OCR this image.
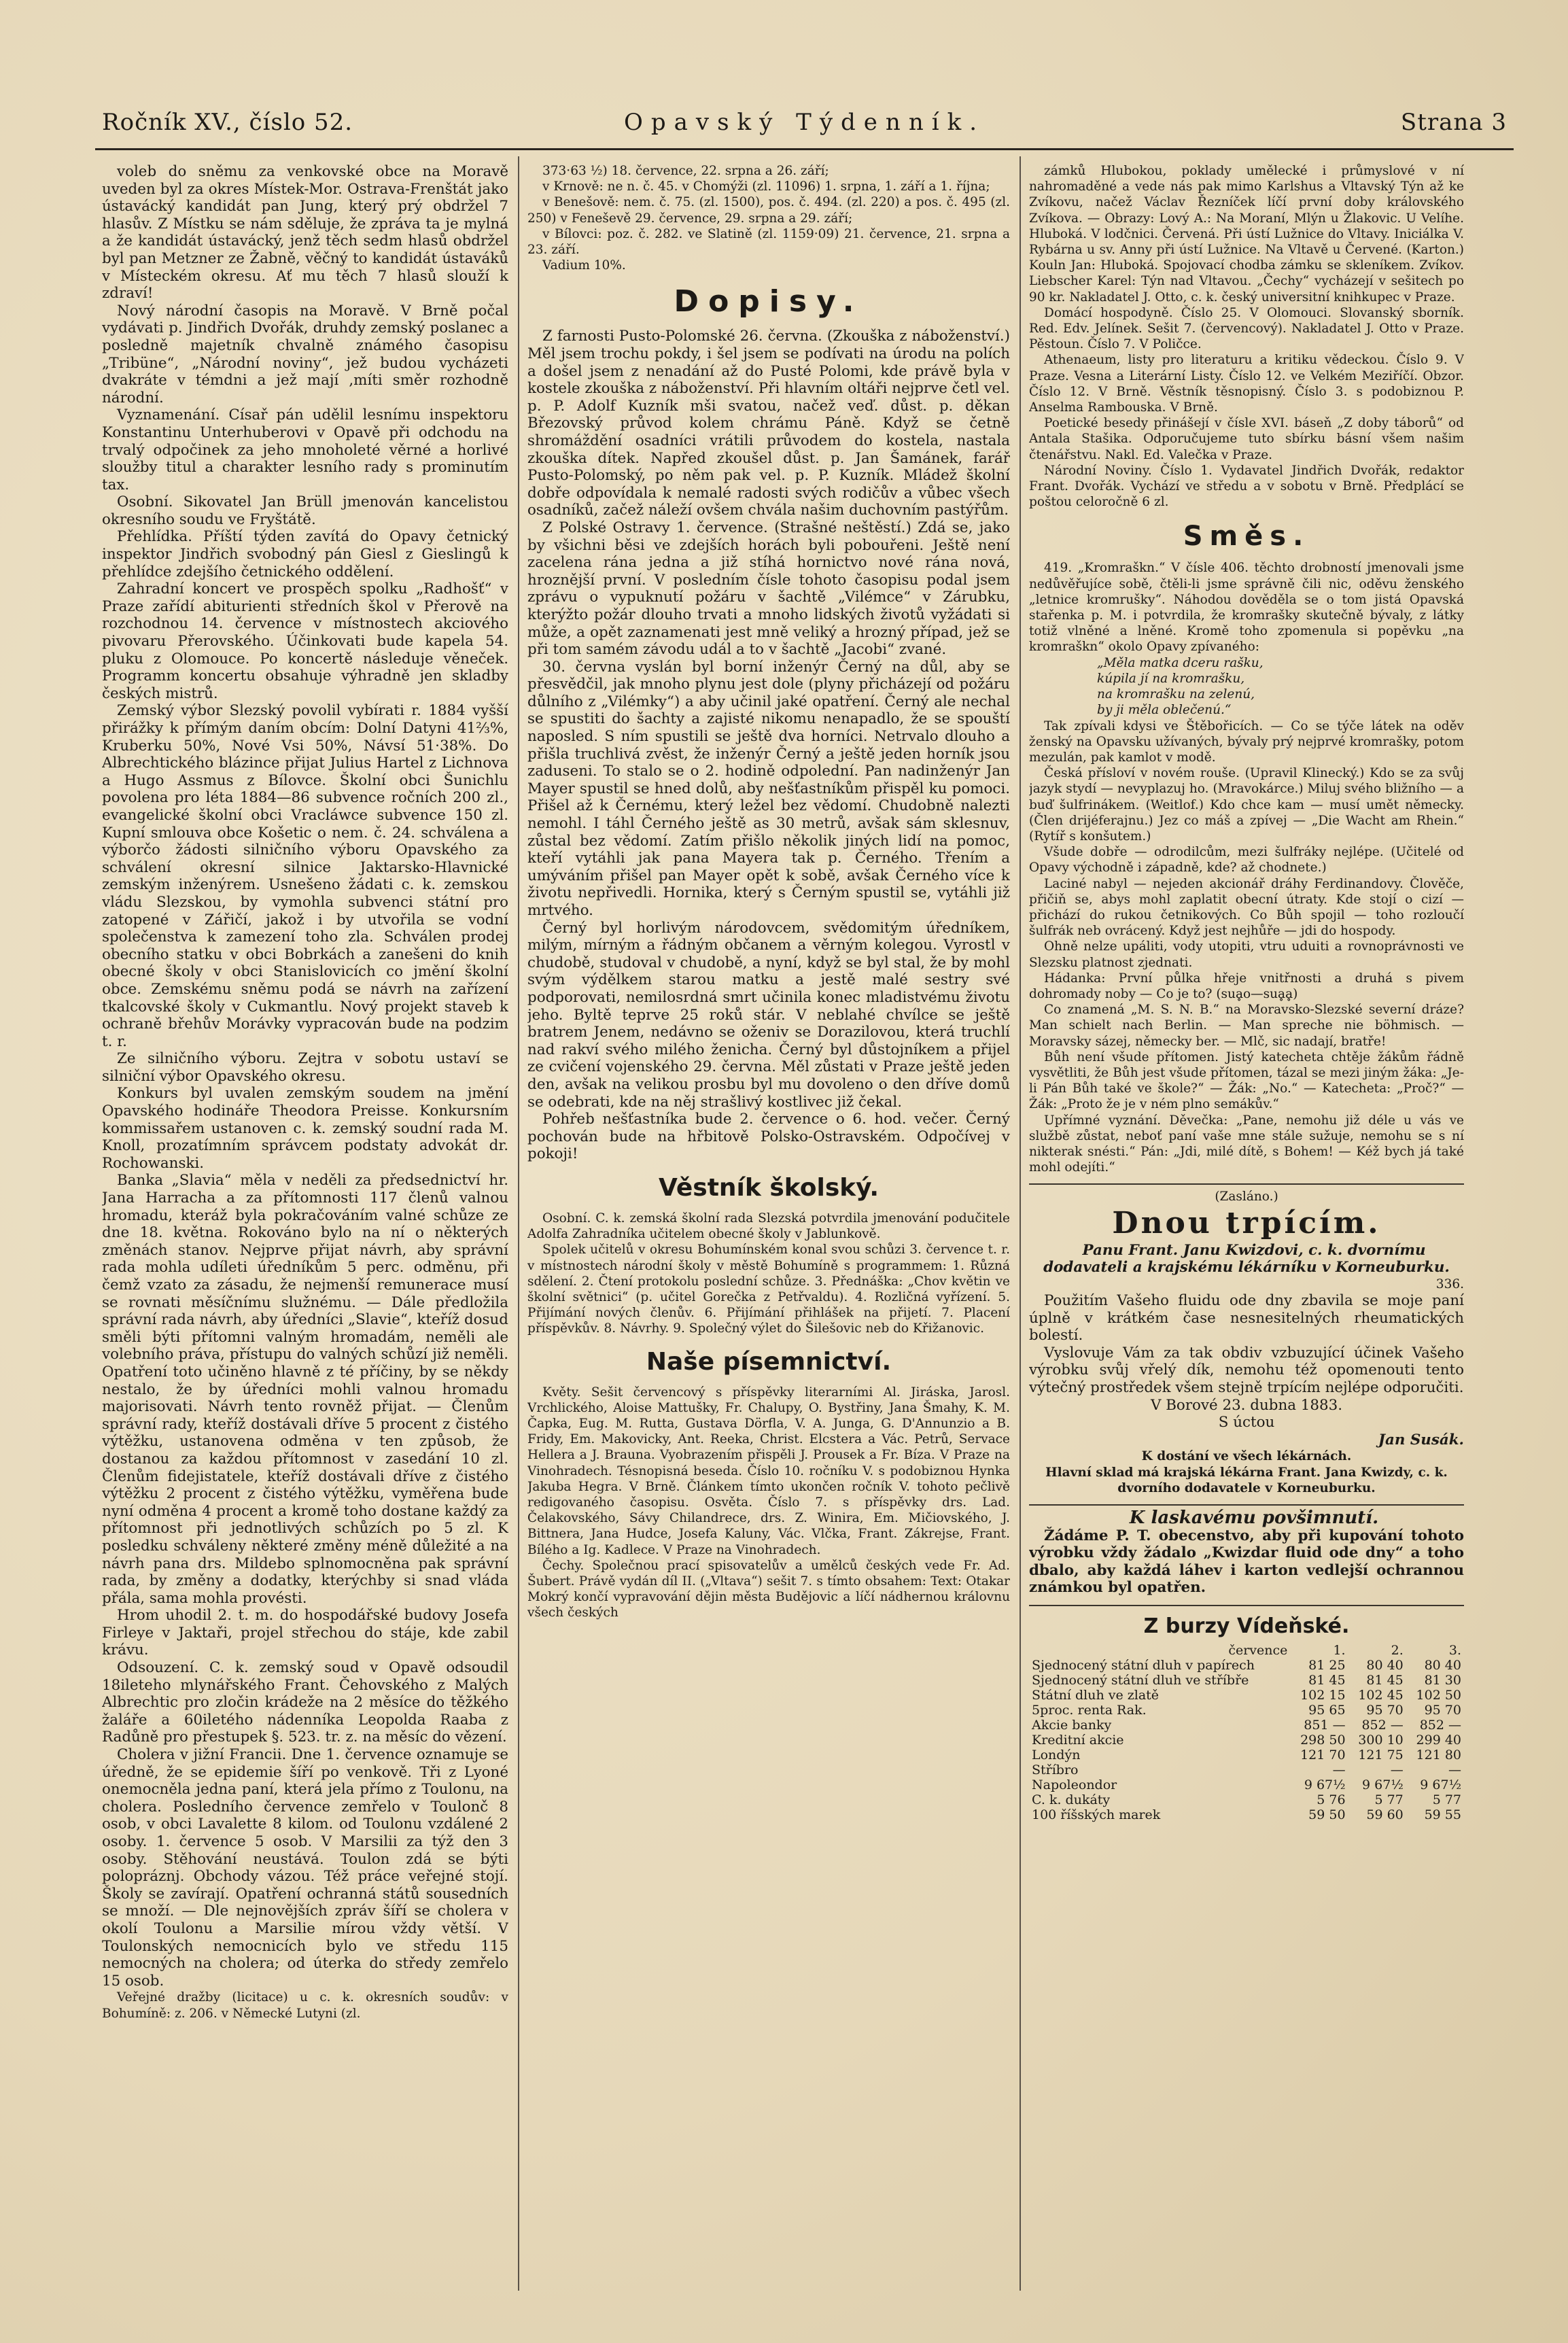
Ročník XV., číslo 52.	Opavský Týdenník.	Strana 3

voleb do sněmu za venkovské obce na Moravě uveden byl za okres Místek-Mor. Ostrava-Frenštát jako ústavácký kandidát pan Jung, který prý obdržel 7 hlasův. Z Místku se nám sděluje, že zpráva ta je mylná a že kandidát ústavácký, jenž těch sedm hlasů obdržel byl pan Metzner ze Žabně, věčný to kandidát ústaváků v Místeckém okresu. Ať mu těch 7 hlasů slouží k zdraví!

Nový národní časopis na Moravě. V Brně počal vydávati p. Jindřich Dvořák, druhdy zemský poslanec a posledně majetník chvalně známého časopisu „Tribüne“, „Národní noviny“, jež budou vycházeti dvakráte v témdni a jež mají ,míti směr rozhodně národní.

Vyznamenání. Císař pán udělil lesnímu inspektoru Konstantinu Unterhuberovi v Opavě při odchodu na trvalý odpočinek za jeho mnoholeté věrné a horlivé sloužby titul a charakter lesního rady s prominutím tax.

Osobní. Sikovatel Jan Brüll jmenován kancelistou okresního soudu ve Fryštátě.

Přehlídka. Příští týden zavítá do Opavy četnický inspektor Jindřich svobodný pán Giesl z Gieslingů k přehlídce zdejšího četnického oddělení.

Zahradní koncert ve prospěch spolku „Radhošť“ v Praze zařídí abiturienti středních škol v Přerově na rozchodnou 14. července v místnostech akciového pivovaru Přerovského. Účinkovati bude kapela 54. pluku z Olomouce. Po koncertě následuje věneček. Programm koncertu obsahuje výhradně jen skladby českých mistrů.

Zemský výbor Slezský povolil vybírati r. 1884 vyšší přirážky k přímým daním obcím: Dolní Datyni 41⅔%, Kruberku 50%, Nové Vsi 50%, Návsí 51·38%. Do Albrechtického blázince přijat Julius Hartel z Lichnova a Hugo Assmus z Bílovce. Školní obci Šunichlu povolena pro léta 1884—86 subvence ročních 200 zl., evangelické školní obci Vracláwce subvence 150 zl. Kupní smlouva obce Košetic o nem. č. 24. schválena a výborčo žádosti silničního výboru Opavského za schválení okresní silnice Jaktarsko-Hlavnické zemským inženýrem. Usnešeno žádati c. k. zemskou vládu Slezskou, by vymohla subvenci státní pro zatopené v Zářičí, jakož i by utvořila se vodní společenstva k zamezení toho zla. Schválen prodej obecního statku v obci Bobrkách a zanešeni do knih obecné školy v obci Stanislovicích co jmění školní obce. Zemskému sněmu podá se návrh na zařízení tkalcovské školy v Cukmantlu. Nový projekt staveb k ochraně břehův Morávky vypracován bude na podzim t. r.

Ze silničního výboru. Zejtra v sobotu ustaví se silniční výbor Opavského okresu.

Konkurs byl uvalen zemským soudem na jmění Opavského hodináře Theodora Preisse. Konkursním kommissařem ustanoven c. k. zemský soudní rada M. Knoll, prozatímním správcem podstaty advokát dr. Rochowanski.

Banka „Slavia“ měla v neděli za předsednictví hr. Jana Harracha a za přítomnosti 117 členů valnou hromadu, kteráž byla pokračováním valné schůze ze dne 18. května. Rokováno bylo na ní o některých změnách stanov. Nejprve přijat návrh, aby správní rada mohla udíleti úředníkům 5 perc. odměnu, při čemž vzato za zásadu, že nejmenší remunerace musí se rovnati měsíčnímu služnému. — Dále předložila správní rada návrh, aby úředníci „Slavie“, kteříž dosud směli býti přítomni valným hromadám, neměli ale volebního práva, přístupu do valných schůzí již neměli. Opatření toto učiněno hlavně z té příčiny, by se někdy nestalo, že by úředníci mohli valnou hromadu majorisovati. Návrh tento rovněž přijat. — Členům správní rady, kteříž dostávali dříve 5 procent z čistého výtěžku, ustanovena odměna v ten způsob, že dostanou za každou přítomnost v zasedání 10 zl. Členům fidejistatele, kteříž dostávali dříve z čistého výtěžku 2 procent z čistého výtěžku, vyměřena bude nyní odměna 4 procent a kromě toho dostane každý za přítomnost při jednotlivých schůzích po 5 zl. K posledku schváleny některé změny méně důležité a na návrh pana drs. Mildebo splnomocněna pak správní rada, by změny a dodatky, kterýchby si snad vláda přála, sama mohla provésti.

Hrom uhodil 2. t. m. do hospodářské budovy Josefa Firleye v Jaktaři, projel střechou do stáje, kde zabil krávu.

Odsouzení. C. k. zemský soud v Opavě odsoudil 18ileteho mlynářského Frant. Čehovského z Malých Albrechtic pro zločin krádeže na 2 měsíce do těžkého žaláře a 60iletého nádenníka Leopolda Raaba z Radůně pro přestupek §. 523. tr. z. na měsíc do vězení.

Cholera v jižní Francii. Dne 1. července oznamuje se úředně, že se epidemie šíří po venkově. Tři z Lyoné onemocněla jedna paní, která jela přímo z Toulonu, na cholera. Posledního července zemřelo v Toulonč 8 osob, v obci Lavalette 8 kilom. od Toulonu vzdálené 2 osoby. 1. července 5 osob. V Marsilii za týž den 3 osoby. Stěhování neustává. Toulon zdá se býti polopráznj. Obchody vázou. Též práce veřejné stojí. Školy se zavírají. Opatření ochranná států sousedních se množí. — Dle nejnovějších zpráv šíří se cholera v okolí Toulonu a Marsilie mírou vždy větší. V Toulonských nemocnicích bylo ve středu 115 nemocných na cholera; od úterka do středy zemřelo 15 osob.

Veřejné dražby (licitace) u c. k. okresních soudův: v Bohumíně: z. 206. v Německé Lutyni (zl.

373·63 ½) 18. července, 22. srpna a 26. září;

v Krnově: ne n. č. 45. v Chomýži (zl. 11096) 1. srpna, 1. září a 1. října;

v Benešově: nem. č. 75. (zl. 1500), pos. č. 494. (zl. 220) a pos. č. 495 (zl. 250) v Feneševě 29. července, 29. srpna a 29. září;

v Bílovci: poz. č. 282. ve Slatině (zl. 1159·09) 21. července, 21. srpna a 23. září.

Vadium 10%.

Dopisy.

Z farnosti Pusto-Polomské 26. června. (Zkouška z náboženství.) Měl jsem trochu pokdy, i šel jsem se podívati na úrodu na polích a došel jsem z nenadání až do Pusté Polomi, kde právě byla v kostele zkouška z náboženství. Při hlavním oltáři nejprve četl vel. p. P. Adolf Kuzník mši svatou, načež veď. důst. p. děkan Březovský průvod kolem chrámu Páně. Když se četně shromáždění osadníci vrátili průvodem do kostela, nastala zkouška dítek. Napřed zkoušel důst. p. Jan Šamánek, farář Pusto-Polomský, po něm pak vel. p. P. Kuzník. Mládež školní dobře odpovídala k nemalé radosti svých rodičův a vůbec všech osadníků, začež náleží ovšem chvála našim duchovním pastýřům.

Z Polské Ostravy 1. července. (Strašné neštěstí.) Zdá se, jako by všichni běsi ve zdejších horách byli pobouřeni. Ještě není zacelena rána jedna a již stíhá hornictvo nové rána nová, hroznější první. V posledním čísle tohoto časopisu podal jsem zprávu o vypuknutí požáru v šachtě „Vilémce“ v Zárubku, kterýžto požár dlouho trvati a mnoho lidských životů vyžádati si může, a opět zaznamenati jest mně veliký a hrozný případ, jež se při tom samém závodu udál a to v šachtě „Jacobi“ zvané.

30. června vyslán byl borní inženýr Černý na důl, aby se přesvědčil, jak mnoho plynu jest dole (plyny přicházejí od požáru důlního z „Vilémky“) a aby učinil jaké opatření. Černý ale nechal se spustiti do šachty a zajisté nikomu nenapadlo, že se spouští naposled. S ním spustili se ještě dva horníci. Netrvalo dlouho a přišla truchlivá zvěst, že inženýr Černý a ještě jeden horník jsou zaduseni. To stalo se o 2. hodině odpolední. Pan nadinženýr Jan Mayer spustil se hned dolů, aby nešťastníkům přispěl ku pomoci. Přišel až k Černému, který ležel bez vědomí. Chudobně nalezti nemohl. I táhl Černého ještě as 30 metrů, avšak sám sklesnuv, zůstal bez vědomí. Zatím přišlo několik jiných lidí na pomoc, kteří vytáhli jak pana Mayera tak p. Černého. Třením a umýváním přišel pan Mayer opět k sobě, avšak Černého více k životu nepřivedli. Hornika, který s Černým spustil se, vytáhli již mrtvého.

Černý byl horlivým národovcem, svědomitým úředníkem, milým, mírným a řádným občanem a věrným kolegou. Vyrostl v chudobě, studoval v chudobě, a nyní, když se byl stal, že by mohl svým výdělkem starou matku a jestě malé sestry své podporovati, nemilosrdná smrt učinila konec mladistvému životu jeho. Byltě teprve 25 roků stár. V neblahé chvílce se ještě bratrem Jenem, nedávno se oženiv se Dorazilovou, která truchlí nad rakví svého milého ženicha. Černý byl důstojníkem a přijel ze cvičení vojenského 29. června. Měl zůstati v Praze ještě jeden den, avšak na velikou prosbu byl mu dovoleno o den dříve domů se odebrati, kde na něj strašlivý kostlivec již čekal.

Pohřeb nešťastníka bude 2. července o 6. hod. večer. Černý pochován bude na hřbitově Polsko-Ostravském. Odpočívej v pokoji!

Věstník školský.

Osobní. C. k. zemská školní rada Slezská potvrdila jmenování podučitele Adolfa Zahradníka učitelem obecné školy v Jablunkově.

Spolek učitelů v okresu Bohumínském konal svou schůzi 3. července t. r. v místnostech národní školy v městě Bohumíně s programmem: 1. Různá sdělení. 2. Čtení protokolu poslední schůze. 3. Přednáška: „Chov květin ve školní světnici“ (p. učitel Gorečka z Petřvaldu). 4. Rozličná vyřízení. 5. Přijímání nových členův. 6. Přijímání přihlášek na přijetí. 7. Placení příspěvkův. 8. Návrhy. 9. Společný výlet do Šilešovic neb do Křižanovic.

Naše písemnictví.

Květy. Sešit červencový s příspěvky literarními Al. Jiráska, Jarosl. Vrchlického, Aloise Mattušky, Fr. Chalupy, O. Bystřiny, Jana Šmahy, K. M. Čapka, Eug. M. Rutta, Gustava Dörfla, V. A. Junga, G. D'Annunzio a B. Fridy, Em. Makovicky, Ant. Reeka, Christ. Elcstera a Vác. Petrů, Servace Hellera a J. Brauna. Vyobrazením přispěli J. Prousek a Fr. Bíza. V Praze na Vinohradech. Tésnopisná beseda. Číslo 10. ročníku V. s podobiznou Hynka Jakuba Hegra. V Brně. Článkem tímto ukončen ročník V. tohoto pečlivě redigovaného časopisu. Osvěta. Číslo 7. s příspěvky drs. Lad. Čelakovského, Sávy Chilandrece, drs. Z. Winira, Em. Mičiovského, J. Bittnera, Jana Hudce, Josefa Kaluny, Vác. Vlčka, Frant. Zákrejse, Frant. Bílého a Ig. Kadlece. V Praze na Vinohradech.

Čechy. Společnou prací spisovatelův a umělců českých vede Fr. Ad. Šubert. Právě vydán díl II. („Vltava“) sešit 7. s tímto obsahem: Text: Otakar Mokrý končí vypravování dějin města Budějovic a líčí nádhernou královnu všech českých

zámků Hlubokou, poklady umělecké i průmyslové v ní nahromaděné a vede nás pak mimo Karlshus a Vltavský Týn až ke Zvíkovu, načež Václav Řezníček líčí první doby královského Zvíkova. — Obrazy: Lový A.: Na Moraní, Mlýn u Žlakovic. U Velíhe. Hluboká. V lodčnici. Červená. Při ústí Lužnice do Vltavy. Iniciálka V. Rybárna u sv. Anny při ústí Lužnice. Na Vltavě u Červené. (Karton.) Kouln Jan: Hluboká. Spojovací chodba zámku se skleníkem. Zvíkov. Liebscher Karel: Týn nad Vltavou. „Čechy“ vycházejí v sešitech po 90 kr. Nakladatel J. Otto, c. k. český universitní knihkupec v Praze.

Domácí hospodyně. Číslo 25. V Olomouci. Slovanský sborník. Red. Edv. Jelínek. Sešit 7. (červencový). Nakladatel J. Otto v Praze. Pěstoun. Číslo 7. V Poličce.

Athenaeum, listy pro literaturu a kritiku vědeckou. Číslo 9. V Praze. Vesna a Literární Listy. Číslo 12. ve Velkém Meziříčí. Obzor. Číslo 12. V Brně. Věstník těsnopisný. Číslo 3. s podobiznou P. Anselma Rambouska. V Brně.

Poetické besedy přinášejí v čísle XVI. báseň „Z doby táborů“ od Antala Stašika. Odporučujeme tuto sbírku básní všem našim čtenářstvu. Nakl. Ed. Valečka v Praze.

Národní Noviny. Číslo 1. Vydavatel Jindřich Dvořák, redaktor Frant. Dvořák. Vychází ve středu a v sobotu v Brně. Předplácí se poštou celoročně 6 zl.

Směs.

419. „Kromraškn.“ V čísle 406. těchto drobností jmenovali jsme nedůvěřujíce sobě, čtěli-li jsme správně čili nic, oděvu ženského „letnice kromrušky“. Náhodou dověděla se o tom jistá Opavská stařenka p. M. i potvrdila, že kromrašky skutečně bývaly, z látky totiž vlněné a lněné. Kromě toho zpomenula si popěvku „na kromraškn“ okolo Opavy zpívaného:

„Měla matka dceru rašku,

kúpila jí na kromrašku,

na kromrašku na zelenú,

by ji měla oblečenú.“

Tak zpívali kdysi ve Štěbořicích. — Co se týče látek na oděv ženský na Opavsku užívaných, bývaly prý nejprvé kromrašky, potom mezulán, pak kamlot v modě.

Česká přísloví v novém rouše. (Upravil Klinecký.) Kdo se za svůj jazyk stydí — nevyplazuj ho. (Mravokárce.) Miluj svého bližního — a buď šulfrinákem. (Weitlof.) Kdo chce kam — musí umět německy. (Člen drijéferajnu.) Jez co máš a zpívej — „Die Wacht am Rhein.“ (Rytíř s konšutem.)

Všude dobře — odrodilcům, mezi šulfráky nejlépe. (Učitelé od Opavy východně i západně, kde? až chodnete.)

Laciné nabyl — nejeden akcionář dráhy Ferdinandovy. Člověče, přičiň se, abys mohl zaplatit obecní útraty. Kde stojí o cizí — přichází do rukou četnikových. Co Bůh spojil — toho rozloučí šulfrák neb ovrácený. Když jest nejhůře — jdi do hospody.

Ohně nelze upáliti, vody utopiti, vtru uduiti a rovnoprávnosti ve Slezsku platnost zjednati.

Hádanka: První půlka hřeje vnitřnosti a druhá s pivem dohromady noby — Co je to? (ѕuḁo—ѕuḁḁ)

Co znamená „M. S. N. B.“ na Moravsko-Slezské severní dráze? Man schielt nach Berlin. — Man spreche nie böhmisch. — Moravsky sázej, německy ber. — Mlč, sic nadají, bratře!

Bůh není všude přítomen. Jistý katecheta chtěje žákům řádně vysvětliti, že Bůh jest všude přítomen, tázal se mezi jiným žáka: „Je-li Pán Bůh také ve škole?“ — Žák: „No.“ — Katecheta: „Proč?“ — Žák: „Proto že je v ném plno semákův.“

Upřímné vyznání. Děvečka: „Pane, nemohu již déle u vás ve službě zůstat, neboť paní vaše mne stále sužuje, nemohu se s ní nikterak snésti.“ Pán: „Jdi, milé dítě, s Bohem! — Kéž bych já také mohl odejíti.“

(Zasláno.)
Dnou trpícím.

Panu Frant. Janu Kwizdovi, c. k. dvornímu dodavateli a krajskému lékárníku v Korneuburku.

336.

Použitím Vašeho fluidu ode dny zbavila se moje paní úplně v krátkém čase nesnesitelných rheumatických bolestí.

Vyslovuje Vám za tak obdiv vzbuzující účinek Vašeho výrobku svůj vřelý dík, nemohu též opomenouti tento výtečný prostředek všem stejně trpícím nejlépe odporučiti.

V Borové 23. dubna 1883.

S úctou

Jan Susák.

K dostání ve všech lékárnách.

Hlavní sklad má krajská lékárna Frant. Jana Kwizdy, c. k. dvorního dodavatele v Korneuburku.

K laskavému povšimnutí.

Žádáme P. T. obecenstvo, aby při kupování tohoto výrobku vždy žádalo „Kwizdar fluid ode dny“ a toho dbalo, aby každá láhev i karton vedlejší ochrannou známkou byl opatřen.

Z burzy Vídeňské.
července	1.	2.	3.
Sjednocený státní dluh v papírech	81 25	80 40	80 40
Sjednocený státní dluh ve stříbře	81 45	81 45	81 30
Státní dluh ve zlatě	102 15	102 45	102 50
5proc. renta Rak.	95 65	95 70	95 70
Akcie banky	851 —	852 —	852 —
Kreditní akcie	298 50	300 10	299 40
Londýn	121 70	121 75	121 80
Stříbro	—	—	—
Napoleondor	9 67½	9 67½	9 67½
C. k. dukáty	5 76	5 77	5 77
100 říšských marek	59 50	59 60	59 55
